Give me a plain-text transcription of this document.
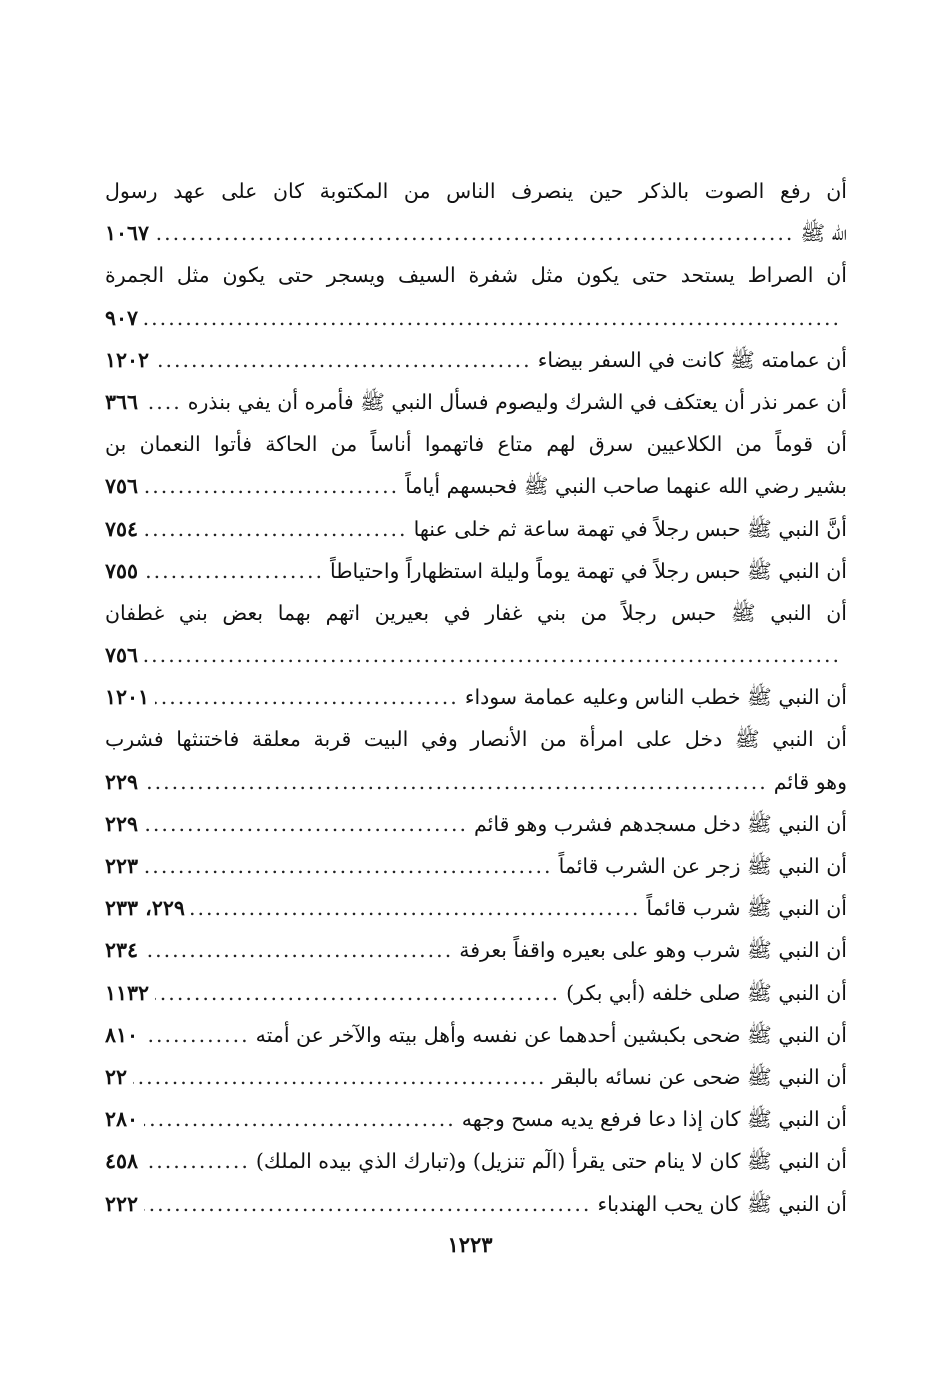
أن رفع الصوت بالذكر حين ينصرف الناس من المكتوبة كان على عهد رسول
الله ﷺ
.....
١٠٦٧
أن الصراط يستحد حتى يكون مثل شفرة السيف ويسجر حتى يكون مثل الجمرة
.....
٩٠٧
أن عمامته ﷺ كانت في السفر بيضاء
.....
١٢٠٢
أن عمر نذر أن يعتكف في الشرك وليصوم فسأل النبي ﷺ فأمره أن يفي بنذره
.....
٣٦٦
أن قوماً من الكلاعيين سرق لهم متاع فاتهموا أناساً من الحاكة فأتوا النعمان بن
بشير رضي الله عنهما صاحب النبي ﷺ فحبسهم أياماً
.....
٧٥٦
أنَّ النبي ﷺ حبس رجلاً في تهمة ساعة ثم خلى عنها
.....
٧٥٤
أن النبي ﷺ حبس رجلاً في تهمة يوماً وليلة استظهاراً واحتياطاً
.....
٧٥٥
أن النبي ﷺ حبس رجلاً من بني غفار في بعيرين اتهم بهما بعض بني غطفان
.....
٧٥٦
أن النبي ﷺ خطب الناس وعليه عمامة سوداء
.....
١٢٠١
أن النبي ﷺ دخل على امرأة من الأنصار وفي البيت قربة معلقة فاختنثها فشرب
وهو قائم
.....
٢٢٩
أن النبي ﷺ دخل مسجدهم فشرب وهو قائم
.....
٢٢٩
أن النبي ﷺ زجر عن الشرب قائماً
.....
٢٢٣
أن النبي ﷺ شرب قائماً
.....
٢٢٩، ٢٣٣
أن النبي ﷺ شرب وهو على بعيره واقفاً بعرفة
.....
٢٣٤
أن النبي ﷺ صلى خلفه (أبي بكر)
.....
١١٣٢
أن النبي ﷺ ضحى بكبشين أحدهما عن نفسه وأهل بيته والآخر عن أمته
.....
٨١٠
أن النبي ﷺ ضحى عن نسائه بالبقر
.....
٢٢
أن النبي ﷺ كان إذا دعا فرفع يديه مسح وجهه
.....
٢٨٠
أن النبي ﷺ كان لا ينام حتى يقرأ (الٓم تنزيل) و(تبارك الذي بيده الملك)
.....
٤٥٨
أن النبي ﷺ كان يحب الهندباء
.....
٢٢٢
١٢٢٣
